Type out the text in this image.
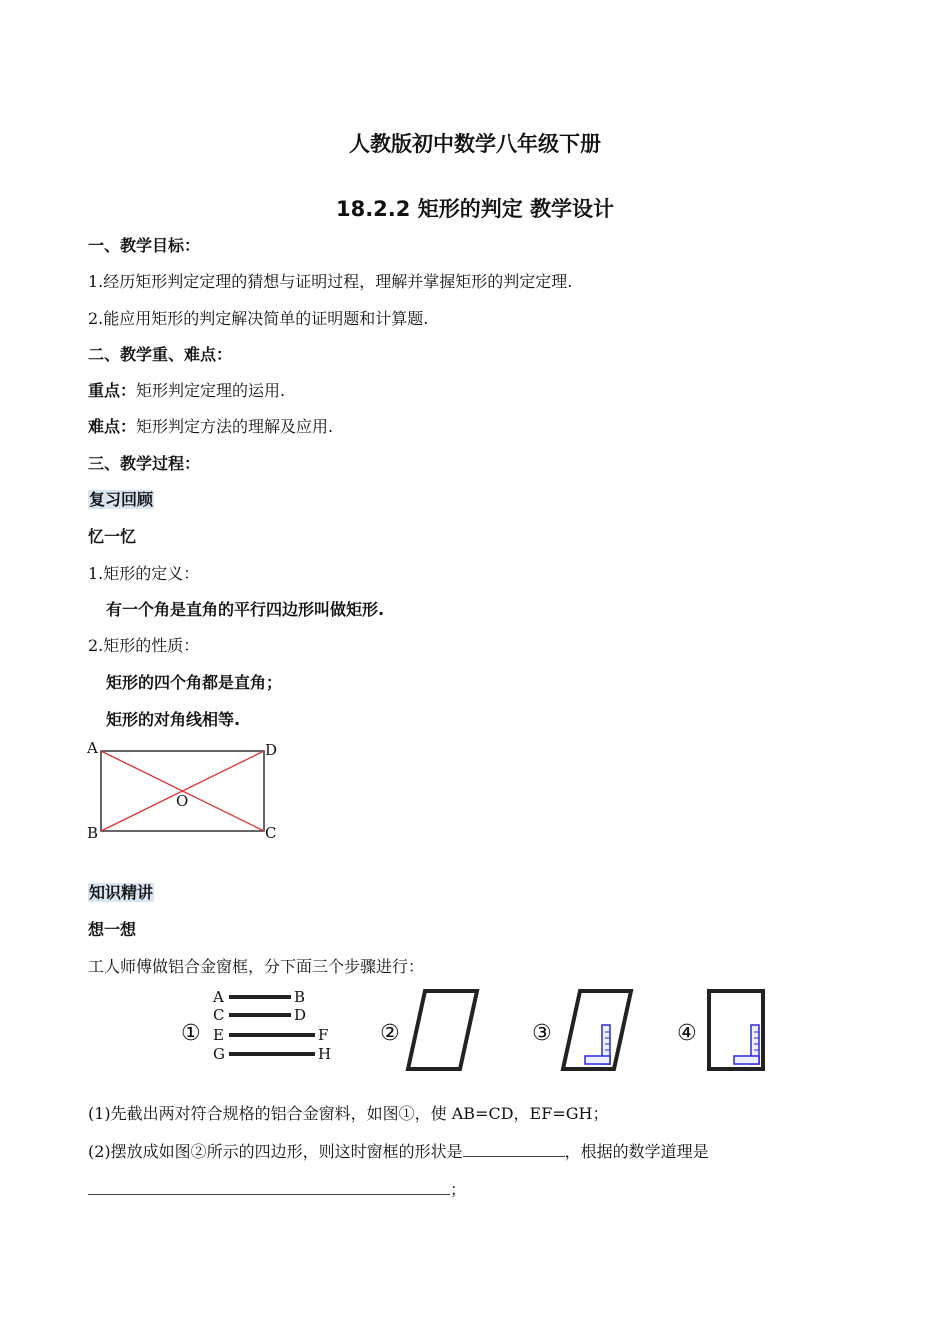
人教版初中数学八年级下册
18.2.2 矩形的判定 教学设计
一、教学目标：
1.经历矩形判定定理的猜想与证明过程，理解并掌握矩形的判定定理.
2.能应用矩形的判定解决简单的证明题和计算题.
二、教学重、难点：
重点：矩形判定定理的运用.
难点：矩形判定方法的理解及应用.
三、教学过程：
复习回顾
忆一忆
1.矩形的定义：
有一个角是直角的平行四边形叫做矩形.
2.矩形的性质：
矩形的四个角都是直角；
矩形的对角线相等.
A	D
B	C
O
知识精讲
想一想
工人师傅做铝合金窗框，分下面三个步骤进行：
①
A	B
C	D
E	F
G	H
②	③	④
(1)先截出两对符合规格的铝合金窗料，如图①，使 AB=CD，EF=GH；
(2)摆放成如图②所示的四边形，则这时窗框的形状是	，根据的数学道理是
；
